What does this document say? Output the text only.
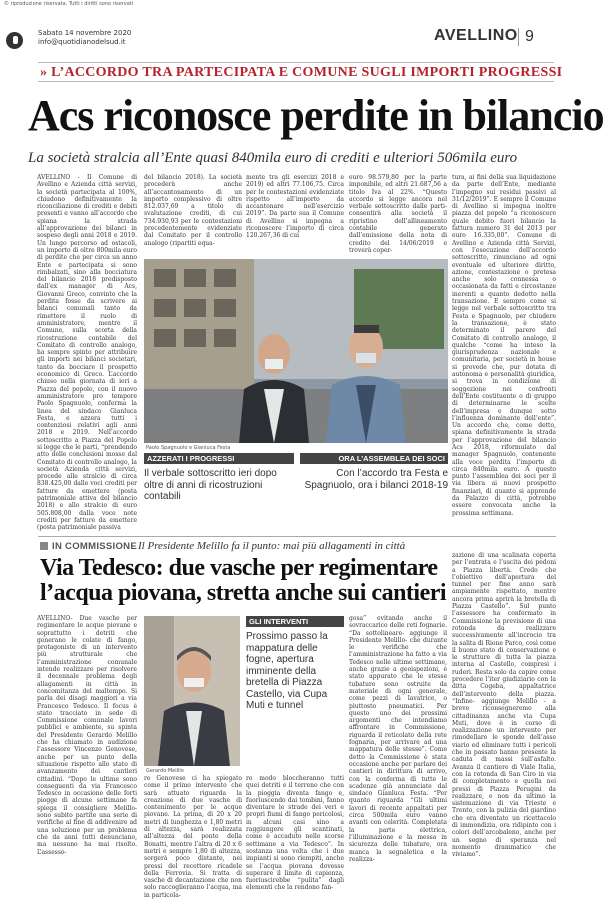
© riproduzione riservata. Tutti i diritti sono riservati
Sabato 14 novembre 2020
info@quotidianodelsud.it	AVELLINO 9
» L’ACCORDO TRA PARTECIPATA E COMUNE SUGLI IMPORTI PROGRESSI
Acs riconosce perdite in bilancio
La società stralcia all’Ente quasi 840mila euro di crediti e ulteriori 506mila euro
AVELLINO - Il Comune di Avellino e Azienda città servizi, la società partecipata al 100%, chiudono definitivamente la riconciliazione di crediti e debiti presenti e vanno all’accordo che spiana la strada all’approvazione dei bilanci in sospeso degli anni 2018 e 2019. Un lungo percorso ad ostacoli, un importo di oltre 800mila euro di perdite che per circa un anno Ente e partecipata si sono rimbalzati, sino alla bocciatura del bilancio 2018 predisposto dall’ex manager di Acs, Giovanni Greco, convinto che la perdita fosse da scrivere ai bilanci comunali tanto da rimettere il ruolo di amministratore, mentre il Comune, sulla scorta della ricostruzione contabile del Comitato di controllo analogo, ha sempre spinto per attribuire gli importi nei bilanci societari, tanto da bocciare il prospetto economico di Greco. L’accordo chiuso nella giornata di ieri a Piazza del popolo, con il nuovo amministratore pro tempore Paolo Spagnuolo, conferma la linea del sindaco Gianluca Festa, e azzera tutti i contenziosi relativi agli anni 2018 e 2019. Nell’accordo sottoscritto a Piazza del Popolo si legge che le parti, “prendendo atto delle conclusioni mosse dal Comitato di controllo analogo, la società Azienda città servizi, procede alle stralcio di circa 838.425,00 dalle voci crediti per fatture da emettere (posta patrimoniale attiva del bilancio 2018) e allo stralcio di euro 505.808,00 dalla voce note crediti per fatture da emettere (posta patrimoniale passiva
del bilancio 2018). La società procederà anche all’accantonamento di un importo complessivo di oltre 812.037,69 a titolo di svalutazione crediti, di cui 734.930,93 per le contestazioni precedentemente evidenziate dal Comitato per il controllo analogo (ripartiti equa-
mente tra gli esercizi 2018 e 2019) ed altri 77.106,75. Circa per le contestazioni evidenziate rispetto all’importo da accantonare nell’esercizio 2019”. Da parte sua il Comune di Avellino si impegna a riconoscere l’importo di circa 120.267,36 di cui
euro 98.579,80 per la parte imponibile, ed altri 21.687,56 a titolo Iva al 22%. “Questo accordo si legge ancora nel verbale sottoscritto dalle parti- consentirà alla società il ripristino dell’allineamento contabile generato dall’emissione della nota di credito del 14/06/2019 e troverà coper-
tura, ai fini della sua liquidazione da parte dell’Ente, mediante l’impegno sui residui passivi al 31/12/2019”. E sempre il Comune di Avellino si impegna inoltre piazza del popolo “a riconoscere quale debito fuori bilancio la fattura numero 31 del 2013 per euro 16.335,00”. Comune di Avellino e Azienda città Servizi, con l’esecuzione dell’accordo sottoscritto, rinunciano ad ogni eventuale ed ulteriore diritto, azione, contestazione o pretesa anche solo connessa o occasionata da fatti e circostanze inerenti a quanto dedotto nella transazione. E sempre come si legge nel verbale sottoscritto tra Festa e Spagnuolo, per chiudere la transazione, è stato determinato il parere del Comitato di controllo analogo, il qualche “come ha inteso la giurisprudenza nazionale e comunitaria, per società in house si prevede che, pur dotata di autonoma e personalità giuridica, si trova in condizione di soggezione nei confronti dell’Ente costituente o di gruppo di determinarne le scelte dell’impresa e dunque sotto l’influenza dominante dell’ente”. Un accordo che, come detto, spiana definitivamente la strada per l’approvazione del bilancio Acs 2018, riformulato dal manager Spagnuolo, contenente alla voce perdita l’importo di circa 840mila euro. A questo punto l’assemblea dei soci per il via libera ai nuovi prospetto finanziari, di quanto si apprende da Palazzo di città, potrebbe essere convocata anche la prossima settimana.
Paolo Spagnuolo e Gianluca Festa
AZZERATI I PROGRESSI
Il verbale sottoscritto ieri dopo oltre di anni di ricostruzioni contabili
ORA L’ASSEMBLEA DEI SOCI
Con l’accordo tra Festa e Spagnuolo, ora i bilanci 2018-19
IN COMMISSIONE Il Presidente Melillo fa il punto: mai più allagamenti in città
Via Tedesco: due vasche per regimentare
l’acqua piovana, stretta anche sui cantieri
AVELLINO- Due vasche per regimentare le acque piovane e soprattutto i detriti che generano le colate di fango, protagoniste di un intervento più strutturale che l’amministrazione comunale intende realizzare per risolvere il decennale problema degli allagamenti in città in concomitanza del maltempo. Si parla dei disagi maggiori a via Francesco Tedesco. Il focus è stato tracciato in sede di Commissione comunale lavori pubblici e ambiente, su spinta del Presidente Gerardo Melillo che ha chiamato in audizione l’assessore Vincenzo Genovese, anche per un punto della situazione rispetto allo stato di avanzamento dei cantieri cittadini. “Dopo le ultime sono conseguenti da via Francesco Tedesco in occasione delle forti piogge di alcune settimane fa spiega il consigliere Melillo- sono subito partite una serie di verifiche al fine di addivenire ad una soluzione per un problema che da anni tutti denunciano, ma nessuno ha mai risolto. L’assesso-
re Genovese ci ha spiegato come il primo intervento che sarà attuato riguarda la creazione di due vasche di contenimento per le acque piovane. La prima, di 20 x 20 metri di lunghezza e 1,80 metri di altezza, sarà realizzata all’altezza del ponte della Bonatti, mentre l’altra di 20 x 6 metri e sempre 1,80 di altezza, sorgerà poco distante, nei pressi del recettore ricadele della Ferrovia. Si tratta di vasche di decantazione che non solo raccoglieranno l’acqua, ma in particola-
re modo bloccheranno tutti quei detriti e il terreno che con la pioggia diventa fango e, fuoriuscendo dai tombini, fanno diventare le strade dei veri e propri fiumi di fango pericolosi, in alcuni casi sino a raggiungere gli scantinati, come è accaduto nelle scorse settimane a via Tedesco”. In sostanza una volta che i due impianti si sono riempiti, anche se l’acqua piovana dovesse superare il limite di capienza, fuoriuscirebbe “pulita” dagli elementi che la rendono fan-
gosa” evitando anche il sovraccarico delle reti fognarie. “Da sottolineare- aggiunge il Presidente Melillo- che durante le verifiche che l’amministrazione ha fatto a via Tedesco nelle ultime settimane, anche grazie a geoispezioni, è stato appurato che le stesse tubature sono ostruite da materiale di ogni generale, come pezzi di lavatrice, o piuttosto pneumatici. Per questo uno dei prossimi argomenti che intendiamo affrontare in Commissione, riguarda il reticolato della rete fognaria, per arrivare ad una mappatura delle stesse”. Come detto la Commissione è stata occasione anche per parlare dei cantieri in dirittura di arrivo, con la conferma di tutte le scadenze già annunciate dal sindaco Gianluca Festa. “Per quanto riguarda “Gli ultimi lavori di recente appaltati per circa 500mila euro vanno avanti con celerità. Completata la parte elettrica, l’illuminazione e la messa in sicurezza delle tubature, ora manca la segnaletica e la realizza-
zazione di una scalinata coperta per l’entrata e l’uscita dei pedoni a Piazza libertà. Credo che l’obiettivo dell’apertura del tunnel per fine anno sarà ampiamente rispettato, mentre ancora prima aprirà la bretella di Piazza Castello”. Sul punto l’assessore ha confermato in Commissione la previsione di una rotonda da realizzare successivamente all’incrocio tra la salita di Rione Parco, così come il buono stato di conservazione e le strutture di tutta la piazza interna al Castello, compresi i ruderi. Resta solo da capire come procedere l’iter giudiziario con la ditta Cogeba, appaltatrice dell’intervento della piazza. “Infine- aggiunge Melillo - a breve riconsegneremo alla cittadinanza anche via Cupa Muti, dove è in corso di realizzazione un intervento per rimodellare le sponde dell’asse viario ed eliminare tutti i pericoli che in passato hanno presente la caduta di massi sull’asfalto. Avanza il cantiere di Viale Italia, con la rotonda di San Ciro in via di completamento e quella nei pressi di Piazza Perugini da realizzare, e non da ultimo la sistemazione di via Trieste e Trento, con la pulizia del giardino che era diventato un ricettacolo di immondizia, ora ridipinto con i colori dell’arcobaleno, anche per un segno di speranza nel momento drammatico che viviamo”.
Gerardo Melillo
GLI INTERVENTI
Prossimo passo la mappatura delle fogne, apertura imminente della bretella di Piazza Castello, via Cupa Muti e tunnel
